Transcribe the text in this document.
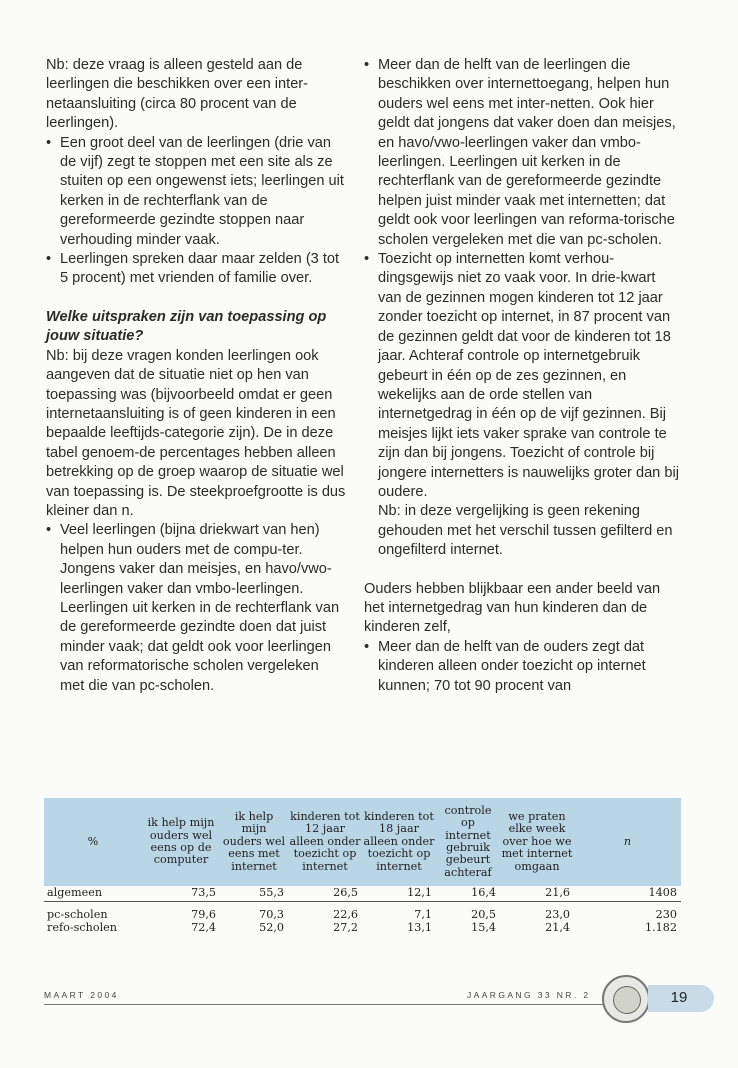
Nb: deze vraag is alleen gesteld aan de leerlingen die beschikken over een inter-netaansluiting (circa 80 procent van de leerlingen).

• Een groot deel van de leerlingen (drie van de vijf) zegt te stoppen met een site als ze stuiten op een ongewenst iets; leerlingen uit kerken in de rechterflank van de gereformeerde gezindte stoppen naar verhouding minder vaak.

• Leerlingen spreken daar maar zelden (3 tot 5 procent) met vrienden of familie over.

Welke uitspraken zijn van toepassing op jouw situatie?

Nb: bij deze vragen konden leerlingen ook aangeven dat de situatie niet op hen van toepassing was (bijvoorbeeld omdat er geen internetaansluiting is of geen kinderen in een bepaalde leeftijds-categorie zijn). De in deze tabel genoem-de percentages hebben alleen betrekking op de groep waarop de situatie wel van toepassing is. De steekproefgrootte is dus kleiner dan n.

• Veel leerlingen (bijna driekwart van hen) helpen hun ouders met de compu-ter. Jongens vaker dan meisjes, en havo/vwo-leerlingen vaker dan vmbo-leerlingen. Leerlingen uit kerken in de rechterflank van de gereformeerde gezindte doen dat juist minder vaak; dat geldt ook voor leerlingen van reformatorische scholen vergeleken met die van pc-scholen.

• Meer dan de helft van de leerlingen die beschikken over internettoegang, helpen hun ouders wel eens met inter-netten. Ook hier geldt dat jongens dat vaker doen dan meisjes, en havo/vwo-leerlingen vaker dan vmbo-leerlingen. Leerlingen uit kerken in de rechterflank van de gereformeerde gezindte helpen juist minder vaak met internetten; dat geldt ook voor leerlingen van reforma-torische scholen vergeleken met die van pc-scholen.

• Toezicht op internetten komt verhou-dingsgewijs niet zo vaak voor. In drie-kwart van de gezinnen mogen kinderen tot 12 jaar zonder toezicht op internet, in 87 procent van de gezinnen geldt dat voor de kinderen tot 18 jaar. Achteraf controle op internetgebruik gebeurt in één op de zes gezinnen, en wekelijks aan de orde stellen van internetgedrag in één op de vijf gezinnen. Bij meisjes lijkt iets vaker sprake van controle te zijn dan bij jongens. Toezicht of controle bij jongere internetters is nauwelijks groter dan bij oudere.

Nb: in deze vergelijking is geen rekening gehouden met het verschil tussen gefilterd en ongefilterd internet.

Ouders hebben blijkbaar een ander beeld van het internetgedrag van hun kinderen dan de kinderen zelf,

• Meer dan de helft van de ouders zegt dat kinderen alleen onder toezicht op internet kunnen; 70 tot 90 procent van

%	ik help mijn ouders wel eens op de computer	ik help mijn ouders wel eens met internet	kinderen tot 12 jaar alleen onder toezicht op internet	kinderen tot 18 jaar alleen onder toezicht op internet	controle op internet gebruik gebeurt achteraf	we praten elke week over hoe we met internet omgaan	n
algemeen	73,5	55,3	26,5	12,1	16,4	21,6	1408
pc-scholen	79,6	70,3	22,6	7,1	20,5	23,0	230
refo-scholen	72,4	52,0	27,2	13,1	15,4	21,4	1.182
MAART 2004	JAARGANG 33 NR. 2	19
